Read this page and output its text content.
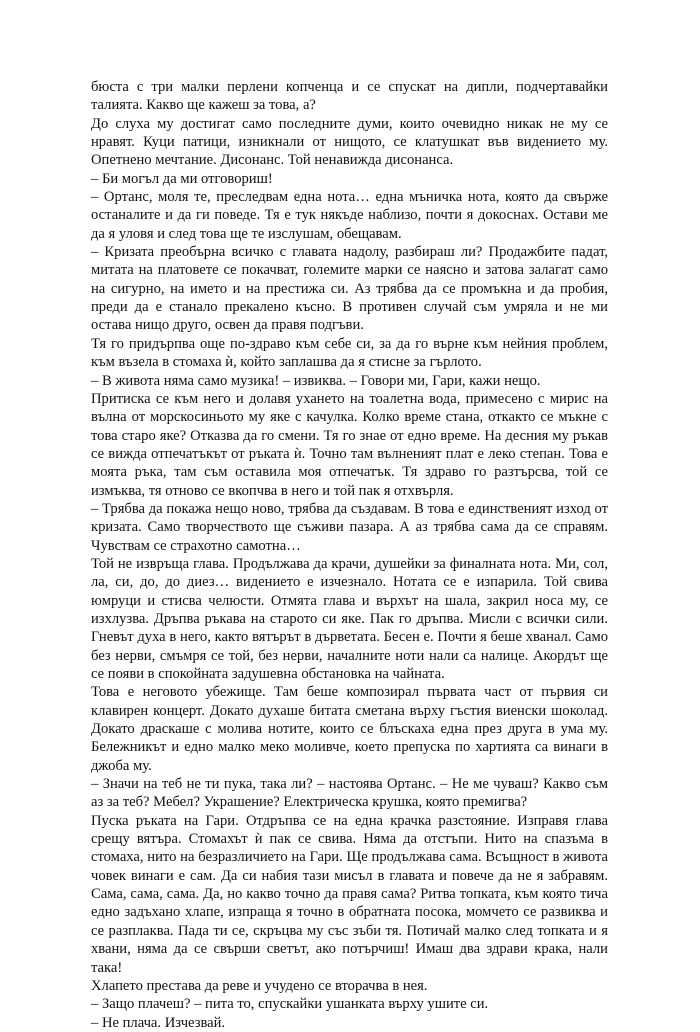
бюста с три малки перлени копченца и се спускат на дипли, подчертавайки талията. Какво ще кажеш за това, а?

До слуха му достигат само последните думи, които очевидно никак не му се нравят. Куци патици, изникнали от нищото, се клатушкат във видението му. Опетнено мечтание. Дисонанс. Той ненавижда дисонанса.

– Би могъл да ми отговориш!

– Ортанс, моля те, преследвам една нота… една мъничка нота, която да свърже останалите и да ги поведе. Тя е тук някъде наблизо, почти я докоснах. Остави ме да я уловя и след това ще те изслушам, обещавам.

– Кризата преобърна всичко с главата надолу, разбираш ли? Продажбите падат, митата на платовете се покачват, големите марки се наясно и затова залагат само на сигурно, на името и на престижа си. Аз трябва да се промъкна и да пробия, преди да е станало прекалено късно. В противен случай съм умряла и не ми остава нищо друго, освен да правя подгъви.

Тя го придърпва още по-здраво към себе си, за да го върне към нейния проблем, към възела в стомаха ѝ, който заплашва да я стисне за гърлото.

– В живота няма само музика! – извиква. – Говори ми, Гари, кажи нещо.

Притиска се към него и долавя ухането на тоалетна вода, примесено с мирис на вълна от морскосиньото му яке с качулка. Колко време стана, откакто се мъкне с това старо яке? Отказва да го смени. Тя го знае от едно време. На десния му ръкав се вижда отпечатъкът от ръката ѝ. Точно там вълненият плат е леко степан. Това е моята ръка, там съм оставила моя отпечатък. Тя здраво го разтърсва, той се измъква, тя отново се вкопчва в него и той пак я отхвърля.

– Трябва да покажа нещо ново, трябва да създавам. В това е единственият изход от кризата. Само творчеството ще съживи пазара. А аз трябва сама да се справям. Чувствам се страхотно самотна…

Той не извръща глава. Продължава да крачи, душейки за финалната нота. Ми, сол, ла, си, до, до диез… видението е изчезнало. Нотата се е изпарила. Той свива юмруци и стисва челюсти. Отмята глава и върхът на шала, закрил носа му, се изхлузва. Дръпва ръкава на старото си яке. Пак го дръпва. Мисли с всички сили. Гневът духа в него, както вятърът в дърветата. Бесен е. Почти я беше хванал. Само без нерви, смъмря се той, без нерви, началните ноти нали са налице. Акордът ще се появи в спокойната задушевна обстановка на чайната.

Това е неговото убежище. Там беше композирал първата част от първия си клавирен концерт. Докато духаше битата сметана върху гъстия виенски шоколад. Докато драскаше с молива нотите, които се блъскаха една през друга в ума му. Бележникът и едно малко меко моливче, което препуска по хартията са винаги в джоба му.

– Значи на теб не ти пука, така ли? – настоява Ортанс. – Не ме чуваш? Какво съм аз за теб? Мебел? Украшение? Електрическа крушка, която премигва?

Пуска ръката на Гари. Отдръпва се на една крачка разстояние. Изправя глава срещу вятъра. Стомахът ѝ пак се свива. Няма да отстъпи. Нито на спазъма в стомаха, нито на безразличието на Гари. Ще продължава сама. Всъщност в живота човек винаги е сам. Да си набия тази мисъл в главата и повече да не я забравям. Сама, сама, сама. Да, но какво точно да правя сама? Ритва топката, към която тича едно задъхано хлапе, изпраща я точно в обратната посока, момчето се развиква и се разплаква. Пада ти се, скръцва му със зъби тя. Потичай малко след топката и я хвани, няма да се свърши светът, ако потърчиш! Имаш два здрави крака, нали така!

Хлапето престава да реве и учудено се вторачва в нея.

– Защо плачеш? – пита то, спускайки ушанката върху ушите си.

– Не плача. Изчезвай.
